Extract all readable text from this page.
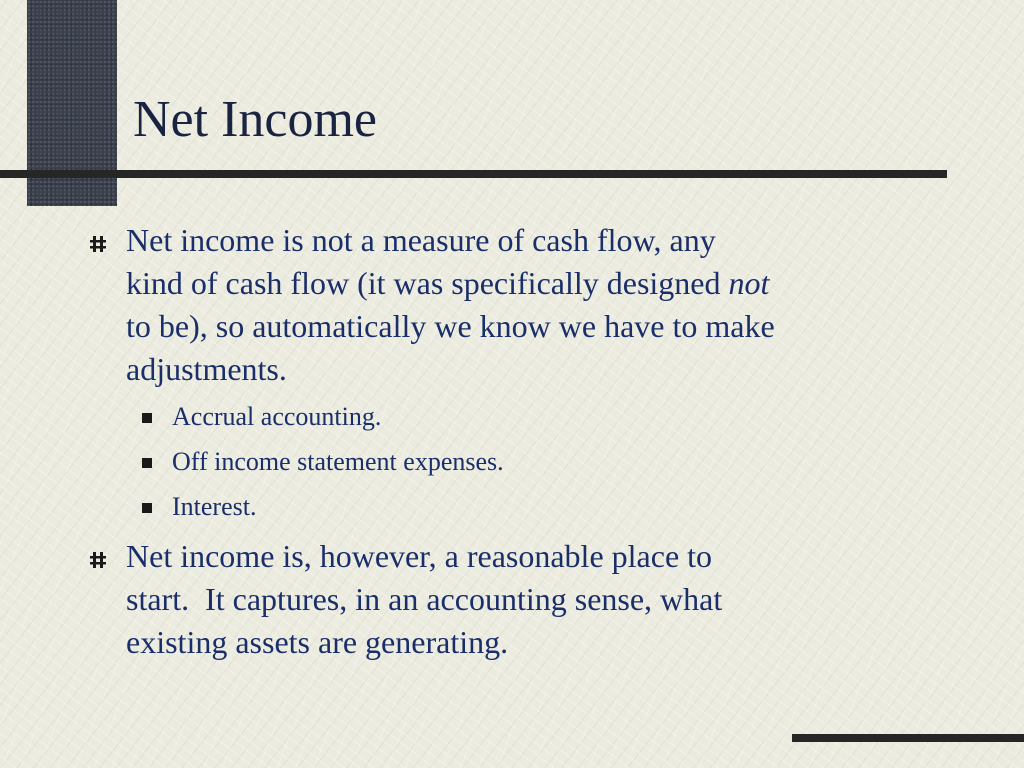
Net Income
Net income is not a measure of cash flow, any
kind of cash flow (it was specifically designed not
to be), so automatically we know we have to make
adjustments.
Accrual accounting.
Off income statement expenses.
Interest.
Net income is, however, a reasonable place to
start.  It captures, in an accounting sense, what
existing assets are generating.
